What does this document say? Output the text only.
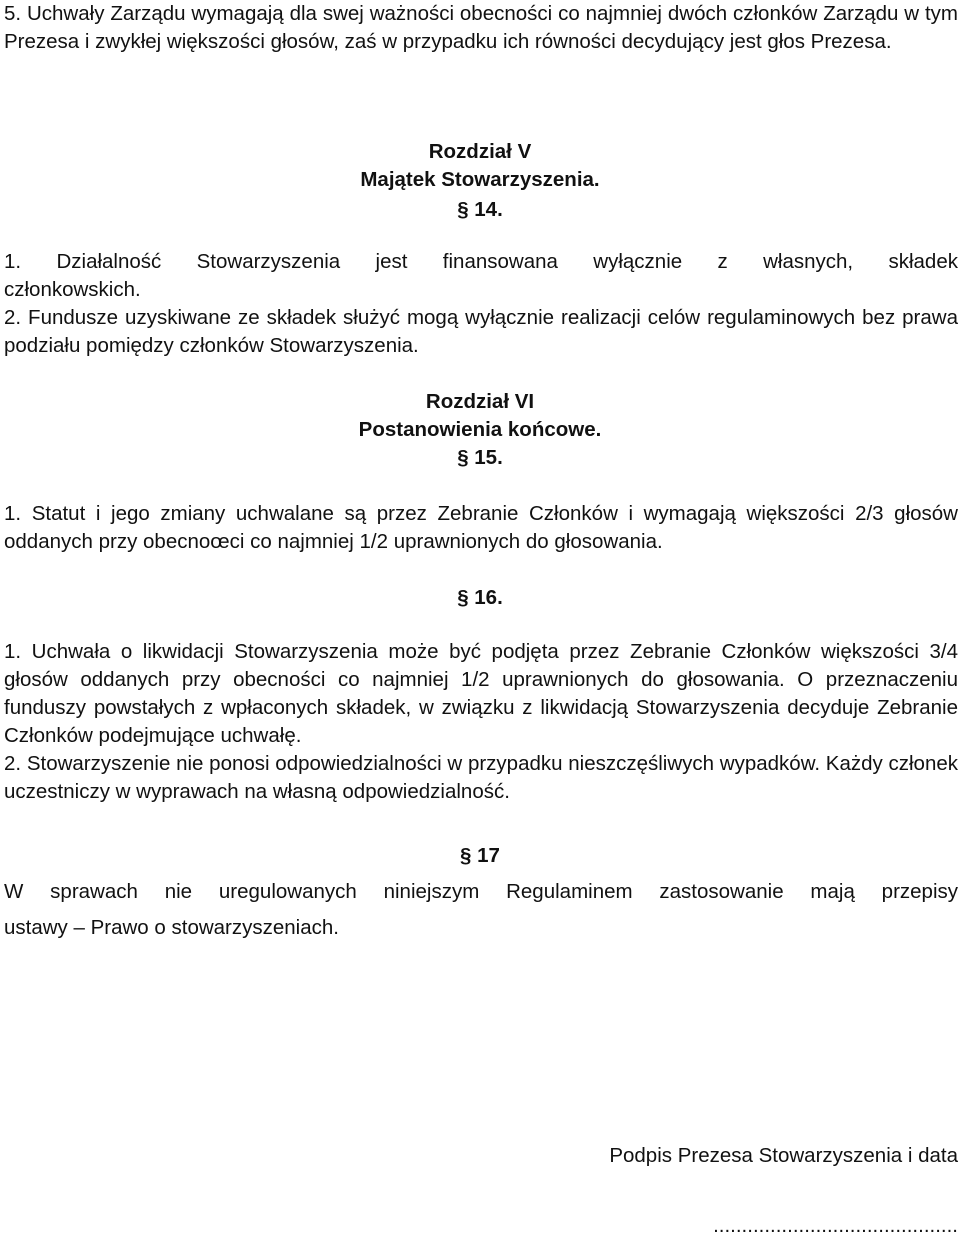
5. Uchwały Zarządu wymagają dla swej ważności obecności co najmniej dwóch członków Zarządu w tym Prezesa i zwykłej większości głosów, zaś w przypadku ich równości decydujący jest głos Prezesa.

Rozdział V
Majątek Stowarzyszenia.
§ 14.

1. Działalność Stowarzyszenia jest finansowana wyłącznie z własnych, składek

członkowskich.

2. Fundusze uzyskiwane ze składek służyć mogą wyłącznie realizacji celów regulaminowych bez prawa podziału pomiędzy członków Stowarzyszenia.

Rozdział VI
Postanowienia końcowe.
§ 15.

1. Statut i jego zmiany uchwalane są przez Zebranie Członków i wymagają większości 2/3 głosów oddanych przy obecnoœci co najmniej 1/2 uprawnionych do głosowania.

§ 16.

1. Uchwała o likwidacji Stowarzyszenia może być podjęta przez Zebranie Członków większości 3/4 głosów oddanych przy obecności co najmniej 1/2 uprawnionych do głosowania. O przeznaczeniu funduszy powstałych z wpłaconych składek, w związku z likwidacją Stowarzyszenia decyduje Zebranie Członków podejmujące uchwałę.

2. Stowarzyszenie nie ponosi odpowiedzialności w przypadku nieszczęśliwych wypadków. Każdy członek uczestniczy w wyprawach na własną odpowiedzialność.

§ 17

W sprawach nie uregulowanych niniejszym Regulaminem zastosowanie mają przepisy

ustawy – Prawo o stowarzyszeniach.

Podpis Prezesa Stowarzyszenia i data
...........................................
